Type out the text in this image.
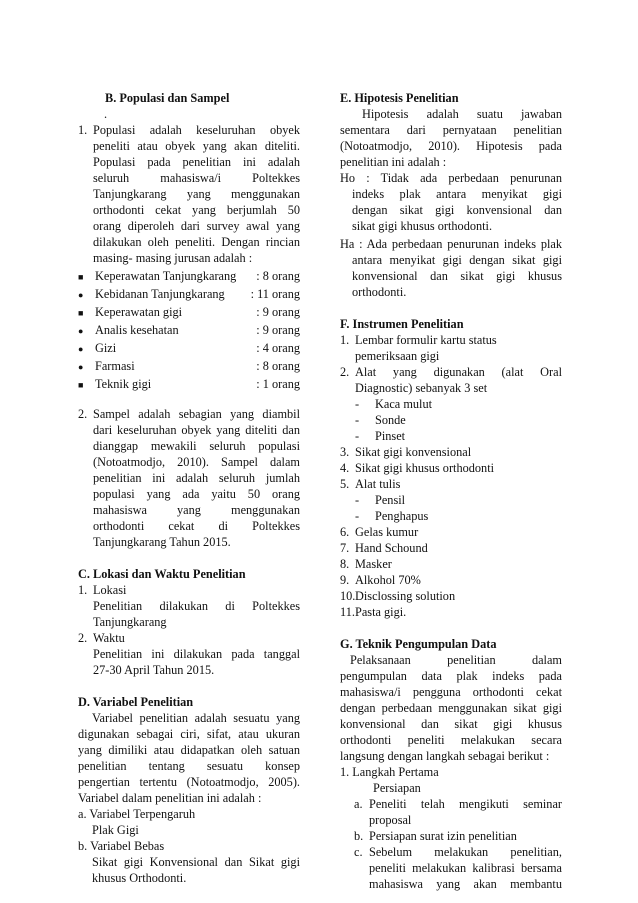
B. Populasi dan Sampel

.

1. Populasi adalah keseluruhan obyek

peneliti atau obyek yang akan diteliti.

Populasi pada penelitian ini adalah

seluruh mahasiswa/i Poltekkes

Tanjungkarang yang menggunakan

orthodonti cekat yang berjumlah 50

orang diperoleh dari survey awal yang

dilakukan oleh peneliti. Dengan rincian

masing- masing jurusan adalah :

■ Keperawatan Tanjungkarang	: 8 orang
● Kebidanan Tanjungkarang	: 11 orang
■ Keperawatan gigi	: 9 orang
● Analis kesehatan	: 9 orang
● Gizi	: 4 orang
● Farmasi	: 8 orang
■ Teknik gigi	: 1 orang
2. Sampel adalah sebagian yang diambil

dari keseluruhan obyek yang diteliti dan

dianggap mewakili seluruh populasi

(Notoatmodjo, 2010). Sampel dalam

penelitian ini adalah seluruh jumlah

populasi yang ada yaitu 50 orang

mahasiswa yang menggunakan

orthodonti cekat di Poltekkes

Tanjungkarang Tahun 2015.

C. Lokasi dan Waktu Penelitian
1. Lokasi

Penelitian dilakukan di Poltekkes

Tanjungkarang

2. Waktu

Penelitian ini dilakukan pada tanggal

27-30 April Tahun 2015.

D. Variabel Penelitian

Variabel penelitian adalah sesuatu yang

digunakan sebagai ciri, sifat, atau ukuran

yang dimiliki atau didapatkan oleh satuan

penelitian tentang sesuatu konsep

pengertian tertentu (Notoatmodjo, 2005).

Variabel dalam penelitian ini adalah :

a. Variabel Terpengaruh

Plak Gigi

b. Variabel Bebas

Sikat gigi Konvensional dan Sikat gigi

khusus Orthodonti.

E. Hipotesis Penelitian

Hipotesis adalah suatu jawaban

sementara dari pernyataan penelitian

(Notoatmodjo, 2010). Hipotesis pada

penelitian ini adalah :

Ho : Tidak ada perbedaan penurunan

indeks plak antara menyikat gigi

dengan sikat gigi konvensional dan

sikat gigi khusus orthodonti.

Ha : Ada perbedaan penurunan indeks plak

antara menyikat gigi dengan sikat gigi

konvensional dan sikat gigi khusus

orthodonti.

F. Instrumen Penelitian
1. Lembar formulir kartu status

pemeriksaan gigi

2. Alat yang digunakan (alat Oral

Diagnostic) sebanyak 3 set

-	Kaca mulut
-	Sonde
-	Pinset
3. Sikat gigi konvensional

4. Sikat gigi khusus orthodonti

5. Alat tulis

-	Pensil
-	Penghapus
6. Gelas kumur

7. Hand Schound

8. Masker

9. Alkohol 70%

10. Disclossing solution

11. Pasta gigi.

G. Teknik Pengumpulan Data

Pelaksanaan penelitian dalam

pengumpulan data plak indeks pada

mahasiswa/i pengguna orthodonti cekat

dengan perbedaan menggunakan sikat gigi

konvensional dan sikat gigi khusus

orthodonti peneliti melakukan secara

langsung dengan langkah sebagai berikut :

1. Langkah Pertama

Persiapan

a. Peneliti telah mengikuti seminar

proposal

b. Persiapan surat izin penelitian

c. Sebelum melakukan penelitian,

peneliti melakukan kalibrasi bersama

mahasiswa yang akan membantu
